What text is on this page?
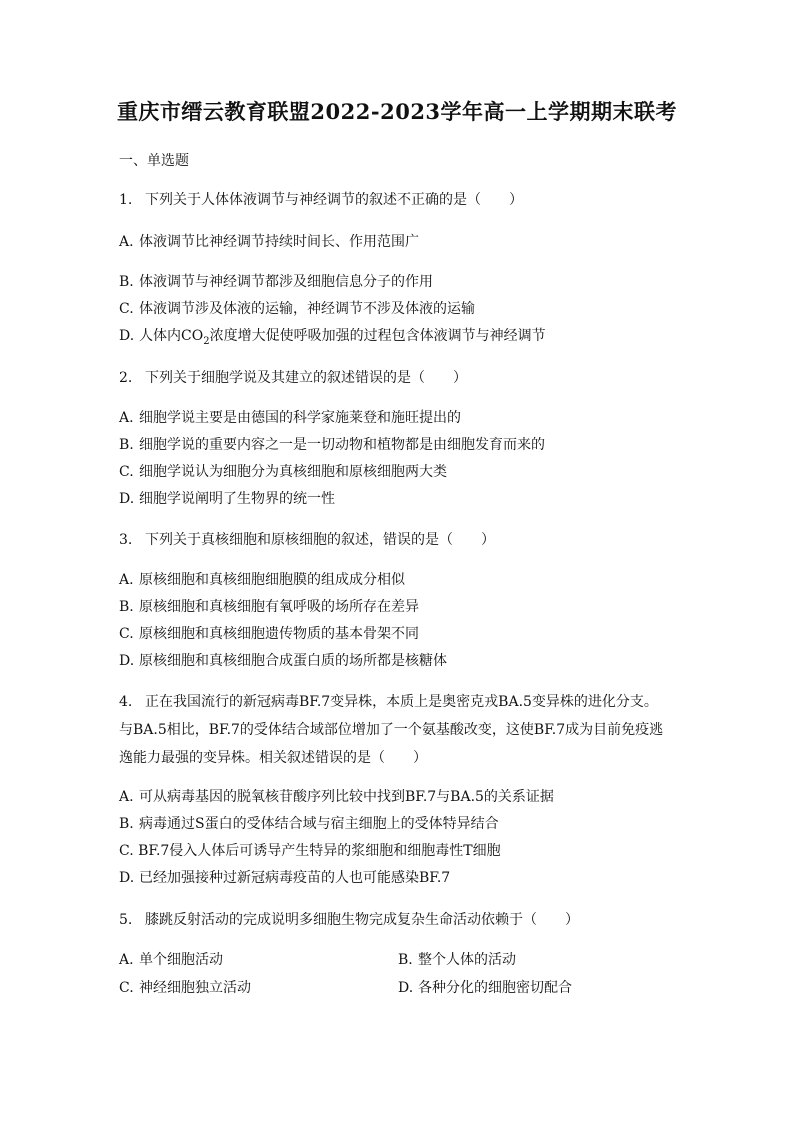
重庆市缙云教育联盟2022-2023学年高一上学期期末联考
一、单选题
1. 下列关于人体体液调节与神经调节的叙述不正确的是（　　）
A. 体液调节比神经调节持续时间长、作用范围广
B. 体液调节与神经调节都涉及细胞信息分子的作用
C. 体液调节涉及体液的运输，神经调节不涉及体液的运输
D. 人体内$CO_2$浓度增大促使呼吸加强的过程包含体液调节与神经调节
2. 下列关于细胞学说及其建立的叙述错误的是（　　）
A. 细胞学说主要是由德国的科学家施莱登和施旺提出的
B. 细胞学说的重要内容之一是一切动物和植物都是由细胞发育而来的
C. 细胞学说认为细胞分为真核细胞和原核细胞两大类
D. 细胞学说阐明了生物界的统一性
3. 下列关于真核细胞和原核细胞的叙述，错误的是（　　）
A. 原核细胞和真核细胞细胞膜的组成成分相似
B. 原核细胞和真核细胞有氧呼吸的场所存在差异
C. 原核细胞和真核细胞遗传物质的基本骨架不同
D. 原核细胞和真核细胞合成蛋白质的场所都是核糖体
4. 正在我国流行的新冠病毒BF.7变异株，本质上是奥密克戎BA.5变异株的进化分支。
与BA.5相比，BF.7的受体结合域部位增加了一个氨基酸改变，这使BF.7成为目前免疫逃
逸能力最强的变异株。相关叙述错误的是（　　）
A. 可从病毒基因的脱氧核苷酸序列比较中找到BF.7与BA.5的关系证据
B. 病毒通过S蛋白的受体结合域与宿主细胞上的受体特异结合
C. BF.7侵入人体后可诱导产生特异的浆细胞和细胞毒性T细胞
D. 已经加强接种过新冠病毒疫苗的人也可能感染BF.7
5. 膝跳反射活动的完成说明多细胞生物完成复杂生命活动依赖于（　　）
A. 单个细胞活动	B. 整个人体的活动
C. 神经细胞独立活动	D. 各种分化的细胞密切配合
